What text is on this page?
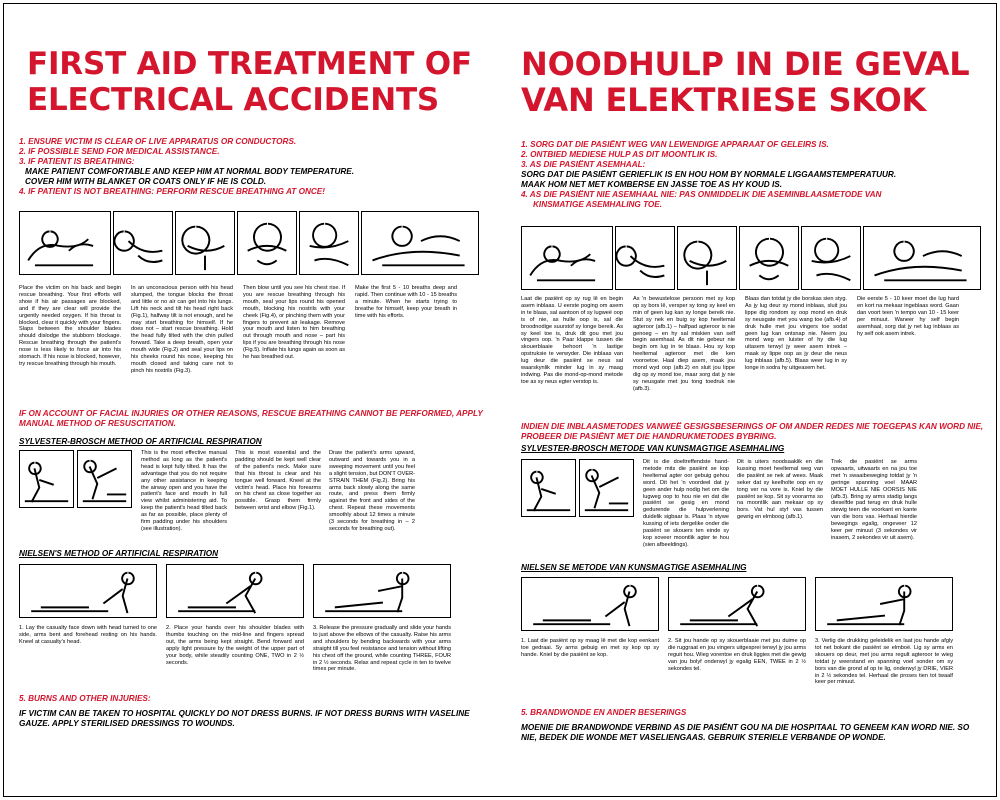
FIRST AID TREATMENT OF
ELECTRICAL ACCIDENTS
1. ENSURE VICTIM IS CLEAR OF LIVE APPARATUS OR CONDUCTORS.
2. IF POSSIBLE SEND FOR MEDICAL ASSISTANCE.
3. IF PATIENT IS BREATHING:
MAKE PATIENT COMFORTABLE AND KEEP HIM AT NORMAL BODY TEMPERATURE.
COVER HIM WITH BLANKET OR COATS ONLY IF HE IS COLD.
4. IF PATIENT IS NOT BREATHING: PERFORM RESCUE BREATHING AT ONCE!
Place the victim on his back and begin rescue breathing. Your first efforts will show if his air passages are blocked, and if they are clear will provide the urgently needed oxygen. If his throat is blocked, clear it quickly with your fingers. Slaps between the shoulder blades should dislodge the stubborn blockage. Rescue breathing through the patient's nose is less likely to force air into his stomach. If his nose is blocked, however, try rescue breathing through his mouth.
In an unconscious person with his head slumped, the tongue blocks the throat and little or no air can get into his lungs. Lift his neck and tilt his head right back (Fig.1), halfway tilt is not enough, and he may start breathing for himself. If he does not – start rescue breathing. Hold the head fully tilted with the chin pulled forward. Take a deep breath, open your mouth wide (Fig.2) and seal your lips on his cheeks round his nose, keeping his mouth closed and taking care not to pinch his nostrils (Fig.3).
Then blow until you see his chest rise. If you are rescue breathing through his mouth, seal your lips round his opened mouth, blocking his nostrils with your cheek (Fig.4), or pinching them with your fingers to prevent air leakage. Remove your mouth and listen to him breathing out through mouth and nose – part his lips if you are breathing through his nose (Fig.5). Inflate his lungs again as soon as he has breathed out.
Make the first 5 - 10 breaths deep and rapid. Then continue with 10 - 15 breaths a minute. When he starts trying to breathe for himself, keep your breath in time with his efforts.
IF ON ACCOUNT OF FACIAL INJURIES OR OTHER REASONS, RESCUE BREATHING CANNOT BE PERFORMED, APPLY MANUAL METHOD OF RESUSCITATION.
SYLVESTER-BROSCH METHOD OF ARTIFICIAL RESPIRATION
This is the most effective manual method as long as the patient's head is kept fully tilted. It has the advantage that you do not require any other assistance in keeping the airway open and you have the patient's face and mouth in full view whilst administering aid. To keep the patient's head tilted back as far as possible, place plenty of firm padding under his shoulders (see illustration).
This is most essential and the padding should be kept well clear of the patient's neck. Make sure that his throat is clear and his tongue well forward. Kneel at the victim's head. Place his forearms on his chest as close together as possible. Grasp them firmly between wrist and elbow (Fig.1).
Draw the patient's arms upward, outward and towards you in a sweeping movement until you feel a slight tension, but DON'T OVER-STRAIN THEM (Fig.2). Bring his arms back slowly along the same route, and press them firmly against the front and sides of the chest. Repeat these movements smoothly about 12 times a minute (3 seconds for breathing in – 2 seconds for breathing out).
NIELSEN'S METHOD OF ARTIFICIAL RESPIRATION
1. Lay the casualty face down with head turned to one side, arms bent and forehead resting on his hands. Kneel at casualty's head.
2. Place your hands over his shoulder blades with thumbs touching on the mid-line and fingers spread out, the arms being kept straight. Bend forward and apply light pressure by the weight of the upper part of your body, while steadily counting ONE, TWO in 2 ½ seconds.
3. Release the pressure gradually and slide your hands to just above the elbows of the casualty. Raise his arms and shoulders by bending backwards with your arms straight till you feel resistance and tension without lifting his chest off the ground, while counting THREE, FOUR in 2 ½ seconds. Relax and repeat cycle in ten to twelve times per minute.
5. BURNS AND OTHER INJURIES:
IF VICTIM CAN BE TAKEN TO HOSPITAL QUICKLY DO NOT DRESS BURNS. IF NOT DRESS BURNS WITH VASELINE GAUZE. APPLY STERILISED DRESSINGS TO WOUNDS.
NOODHULP IN DIE GEVAL
VAN ELEKTRIESE SKOK
1. SORG DAT DIE PASIËNT WEG VAN LEWENDIGE APPARAAT OF GELEIRS IS.
2. ONTBIED MEDIESE HULP AS DIT MOONTLIK IS.
3. AS DIE PASIËNT ASEMHAAL:
SORG DAT DIE PASIËNT GERIEFLIK IS EN HOU HOM BY NORMALE LIGGAAMSTEMPERATUUR.
MAAK HOM NET MET KOMBERSE EN JASSE TOE AS HY KOUD IS.
4. AS DIE PASIËNT NIE ASEMHAAL NIE: PAS ONMIDDELIK DIE ASEMINBLAASMETODE VAN
KINSMATIGE ASEMHALING TOE.
Laat die pasiënt op sy rug lê en begin asem inblaas. U eerste poging om asem in te blaas, sal aantoon of sy lugweë oop is of nie, as hulle oop is, sal die broodnodige suurstof sy longe bereik. As sy keel toe is, druk dit gou met jou vingers oop. 'n Paar klappe tussen die skouerblaaie behoort 'n lastige opstruksie te verwyder. Die inblaas van lug deur die pasiënt se neus sal waarskynlik minder lug in sy maag indwing. Pas die mond-op-mond metode toe as sy neus egter verstop is.
As 'n bewustelose persoon met sy kop op sy bors lê, versper sy tong sy keel en min of geen lug kan sy longe bereik nie. Stut sy nek en buig sy kop heeltemal agteroor (afb.1) – halfpad agteroor is nie genoeg – en hy sal miskien van self begin asemhaal. As dit nie gebeur nie begin om lug in te blaas. Hou sy kop heeltemal agteroor met die ken vooroetoe. Haal diep asem, maak jou mond wyd oop (afb.2) en sluit jou lippe dig op sy mond toe, maar sorg dat jy nie sy neusgate met jou tong toedruk nie (afb.3).
Blaas dan totdat jy die borskas sien styg. As jy lug deur sy mond inblaas, sluit jou lippe dig rondom sy oop mond en druk sy neusgate met you wang toe (afb.4) of druk hulle met jou vingers toe sodat geen lug kan ontsnap nie. Neem jou mond weg en luister of hy die lug uitasem terwyl jy weer asem intrek – maak sy lippe oop as jy deur die neus lug inblaas (afb.5). Blaas weer lug in sy longe in sodra hy uitgeasem het.
Die eerste 5 - 10 keer moet die lug hard en kort na mekaar ingeblaas word. Gaan dan voort teen 'n tempo van 10 - 15 keer per minuut. Waneer hy self begin asemhaal, sorg dat jy net lug inblaas as hy self ook asem intrek.
INDIEN DIE INBLAASMETODES VANWEË GESIGSBESERINGS OF OM ANDER REDES NIE TOEGEPAS KAN WORD NIE, PROBEER DIE PASIËNT MET DIE HANDRUKMETODES BYBRING.
SYLVESTER-BROSCH METODE VAN KUNSMAGTIGE ASEMHALING
Dit is die doeltreffendste hand-metode mits die pasiënt se kop heeltemal agter oor gebuig gehou word. Dit het 'n voordeel dat jy geen ander hulp nodig het om die lugweg oop to hou nie en dat die pasiënt se gesig en mond gedurende die hulpverlening duidelik sigbaar is. Plaas 'n stywe kussing of iets dergelike onder die pasiënt se skouers ten einde sy kop soveer moontlik agter te hou (sien afbeeldings).
Dit is uiters noodsaaklik en die kussing moet heeltemal weg van die pasiënt se nek af wees. Maak seker dat sy keelholte oop en sy tong ver na vore is. Kniel by die pasiënt se kop. Sit sy voorarms so na moontlik aan mekaar op sy bors. Vat hul styf vas tussen gewrig en elmboog (afb.1).
Trek die pasiënt se arms opwaarts, uitwaarts en na jou toe met 'n swaaibeweging totdat jy 'n geringe spanning voel MAAR MOET HULLE NIE OORSIS NIE (afb.3). Bring sy arms stadig langs dieselfde pad terug en druk hulle stewig teen die voorkant en kante van die bors vas. Herhaal hierdie bewegings egalig, ongeveer 12 keer per minuut (3 sekondes vir inasem, 2 sekondes vir uit asem).
NIELSEN SE METODE VAN KUNSMAGTIGE ASEMHALING
1. Laat die pasiënt op sy maag lê met die kop eenkant toe gedraai. Sy arms gebuig en met sy kop op sy hande. Kniel by die pasiënt se kop.
2. Sit jou hande op sy skouerblaaie met jou duime op die ruggraat en jou vingers uitgesprei terwyl jy jou arms reguit hou. Wieg vorentoe en druk liggies met die gewig van jou bolyf onderwyl jy egalig EEN, TWEE in 2 ½ sekondes tel.
3. Verlig die drukking geleidelik en laat jou hande afgly tot net bokant die pasiënt se elmboë. Lig sy arms en skouers op deur, met jou arms regult agteroor te wieg totdat jy weerstand en spanning voel sonder om sy bors van die grond af op te lig, onderwyl jy DRIE, VIER in 2 ½ sekondes tel. Herhaal die proses tien tot twaalf keer per minuut.
5. BRANDWONDE EN ANDER BESERINGS
MOENIE DIE BRANDWONDE VERBIND AS DIE PASIËNT GOU NA DIE HOSPITAAL TO GENEEM KAN WORD NIE. SO NIE, BEDEK DIE WONDE MET VASELIENGAAS. GEBRUIK STERIELE VERBANDE OP WONDE.
